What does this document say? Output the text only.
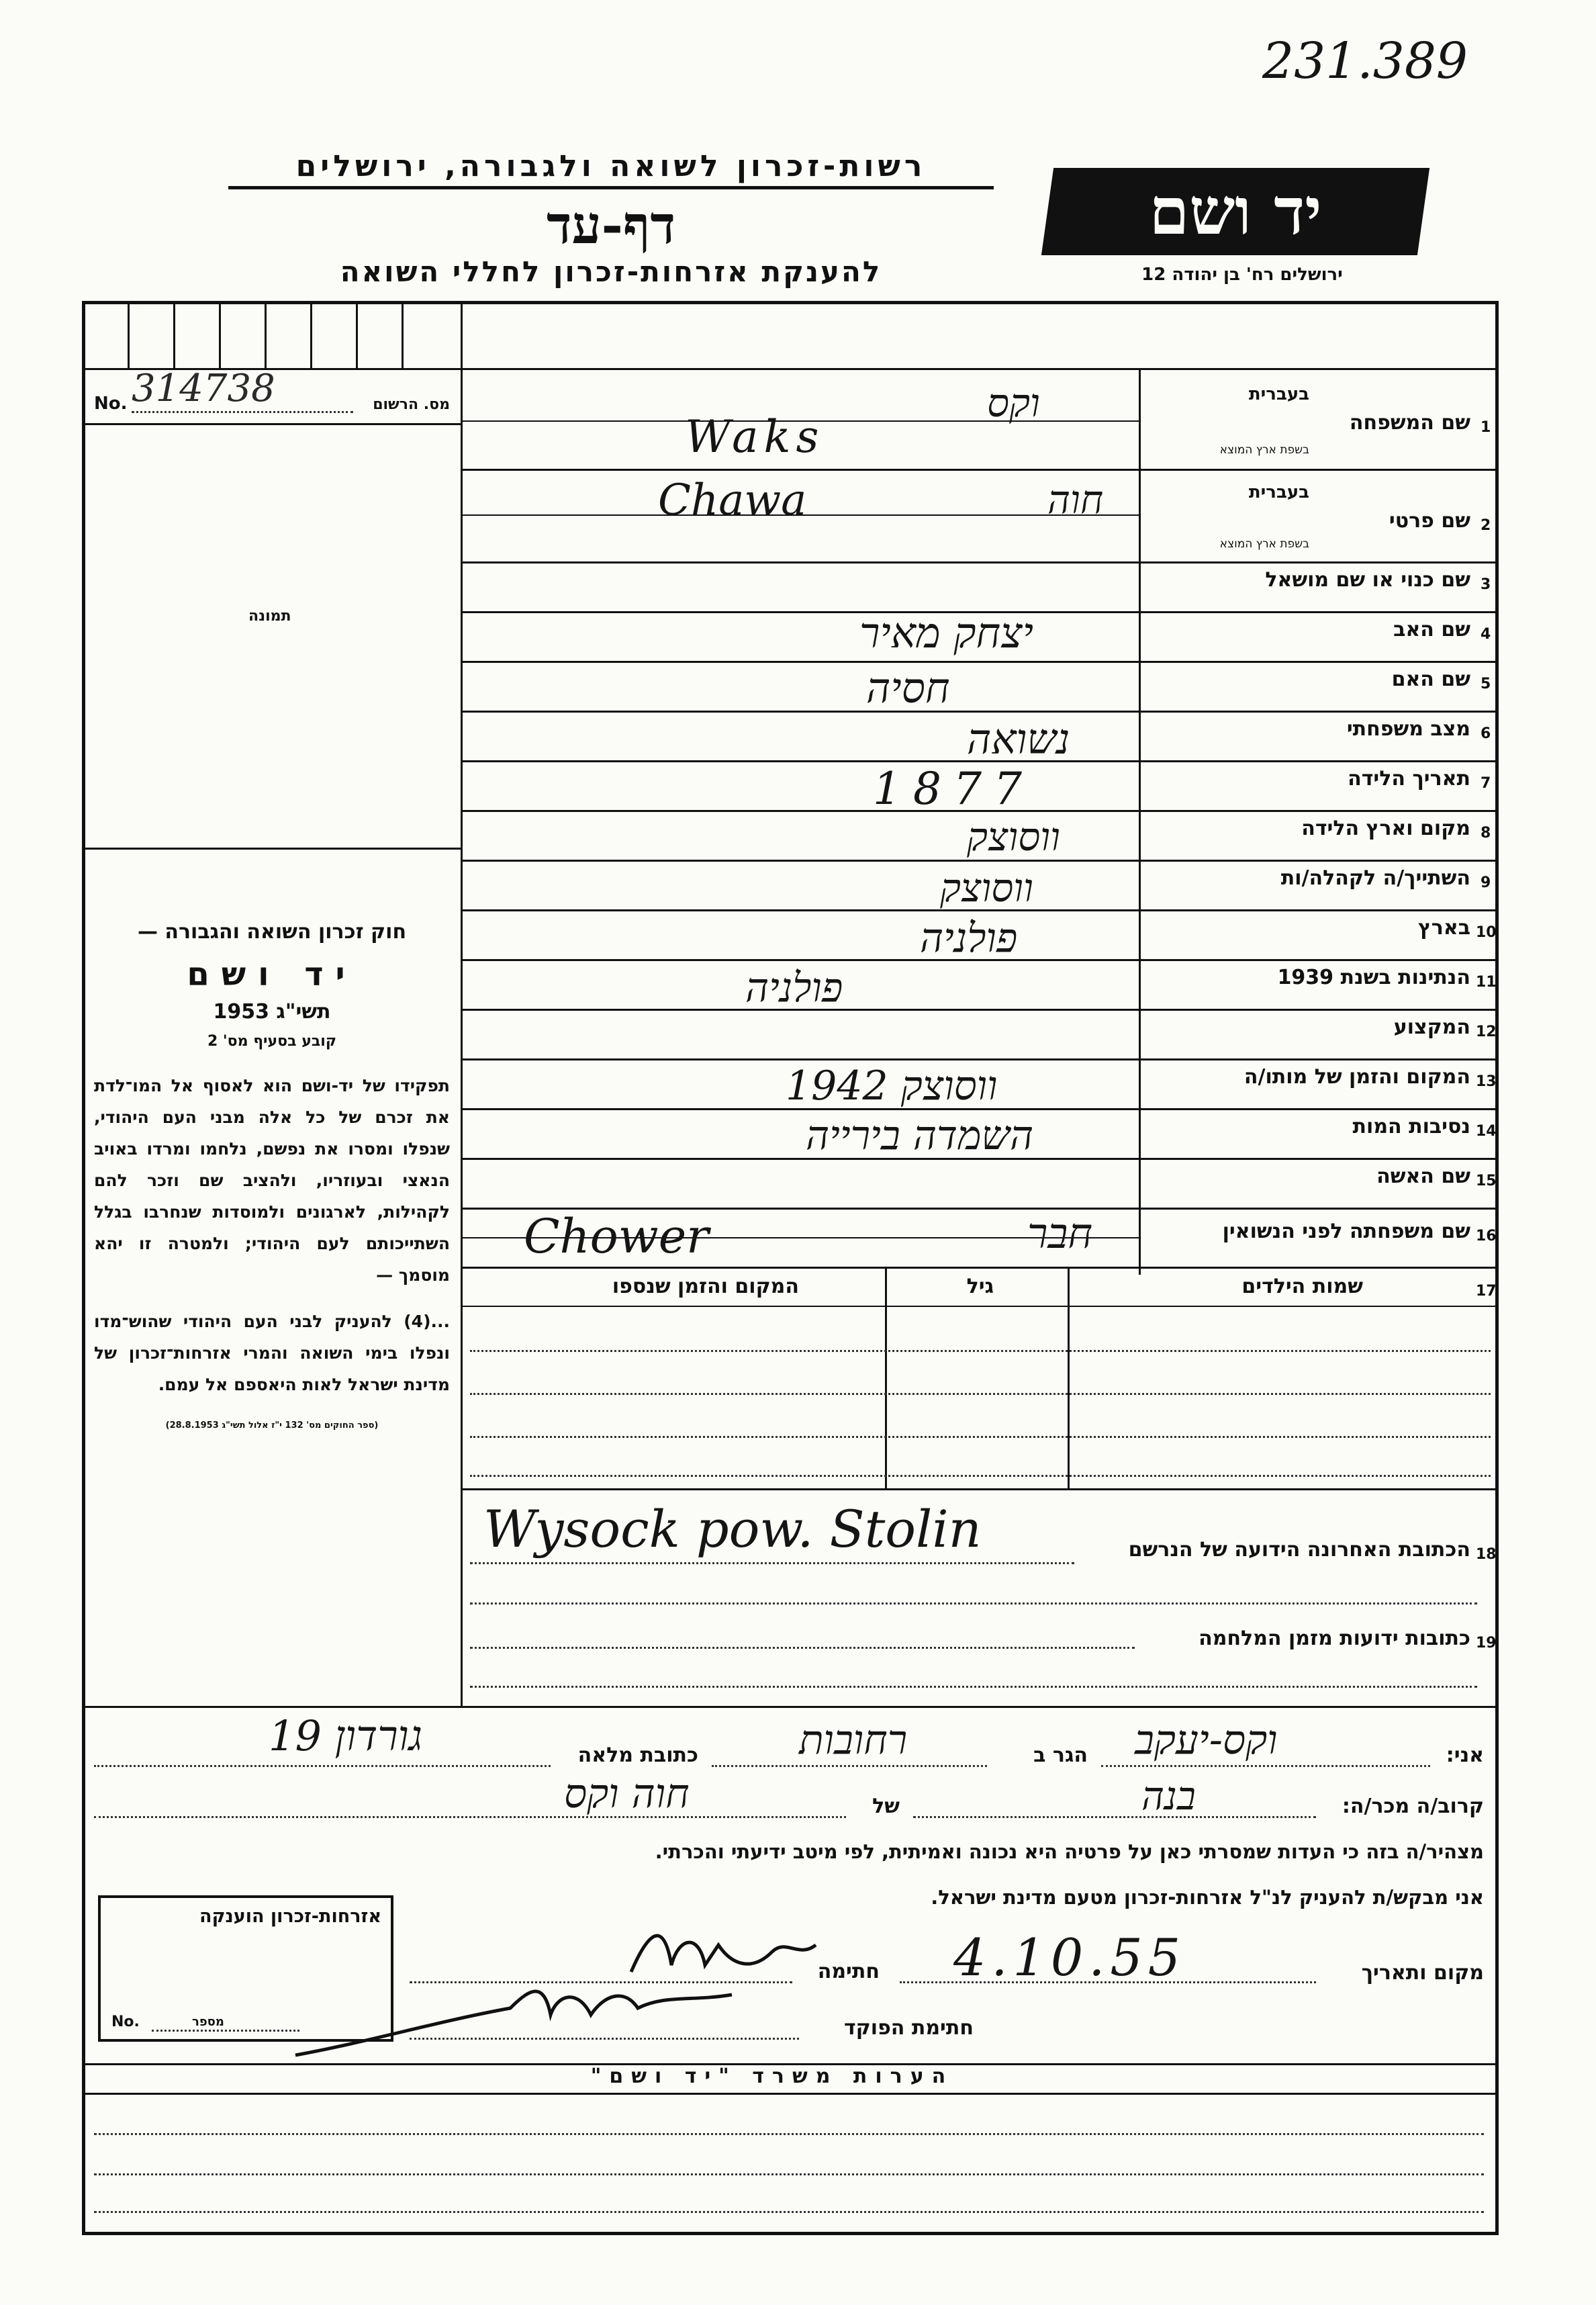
231.389
רשות-זכרון לשואה ולגבורה, ירושלים
דף-עד
להענקת אזרחות-זכרון לחללי השואה
יד ושם
ירושלים רח' בן יהודה 12
No. 314738	מס. הרשום
תמונה
חוק זכרון השואה והגבורה —
יד ושם
תשי"ג 1953
קובע בסעיף מס' 2
תפקידו של יד-ושם הוא לאסוף אל המו־לדת את זכרם של כל אלה מבני העם היהודי, שנפלו ומסרו את נפשם, נלחמו ומרדו באויב הנאצי ובעוזריו, ולהציב שם וזכר להם לקהילות, לארגונים ולמוסדות שנחרבו בגלל השתייכותם לעם היהודי; ולמטרה זו יהא מוסמך —
...(4) להעניק לבני העם היהודי שהוש־מדו ונפלו בימי השואה והמרי אזרחות־זכרון של מדינת ישראל לאות היאספם אל עמם.
(ספר החוקים מס' 132 י"ז אלול תשי"ג 28.8.1953)
1
שם המשפחה
בעברית
בשפת ארץ המוצא
וקס
Waks
2
שם פרטי
בעברית
בשפת ארץ המוצא
חוה
Chawa
3
שם כנוי או שם מושאל
4
שם האב
יצחק מאיר
5
שם האם
חסיה
6
מצב משפחתי
נשואה
7
תאריך הלידה
1877
8
מקום וארץ הלידה
ווסוצק
9
השתייך/ה לקהלה/ות
ווסוצק
10
בארץ
פולניה
11
הנתינות בשנת 1939
פולניה
12
המקצוע
13
המקום והזמן של מותו/ה
ווסוצק 1942
14
נסיבות המות
השמדה בירייה
15
שם האשה
16
שם משפחתה לפני הנשואין
חבר
Chower
17
שמות הילדים
גיל
המקום והזמן שנספו
Wysock pow. Stolin	הכתובת האחרונה הידועה של הנרשם 18
כתובות ידועות מזמן המלחמה 19
אני:
וקס-יעקב
הגר ב
רחובות
כתובת מלאה
גורדון 19
קרוב/ה מכר/ה:
בנה
של
חוה וקס
מצהיר/ה בזה כי העדות שמסרתי כאן על פרטיה היא נכונה ואמיתית, לפי מיטב ידיעתי והכרתי.
אני מבקש/ת להעניק לנ"ל אזרחות-זכרון מטעם מדינת ישראל.
מקום ותאריך
4.10.55
חתימה
חתימת הפוקד
אזרחות-זכרון הוענקה
No.	מספר
הערות משרד "יד ושם"
